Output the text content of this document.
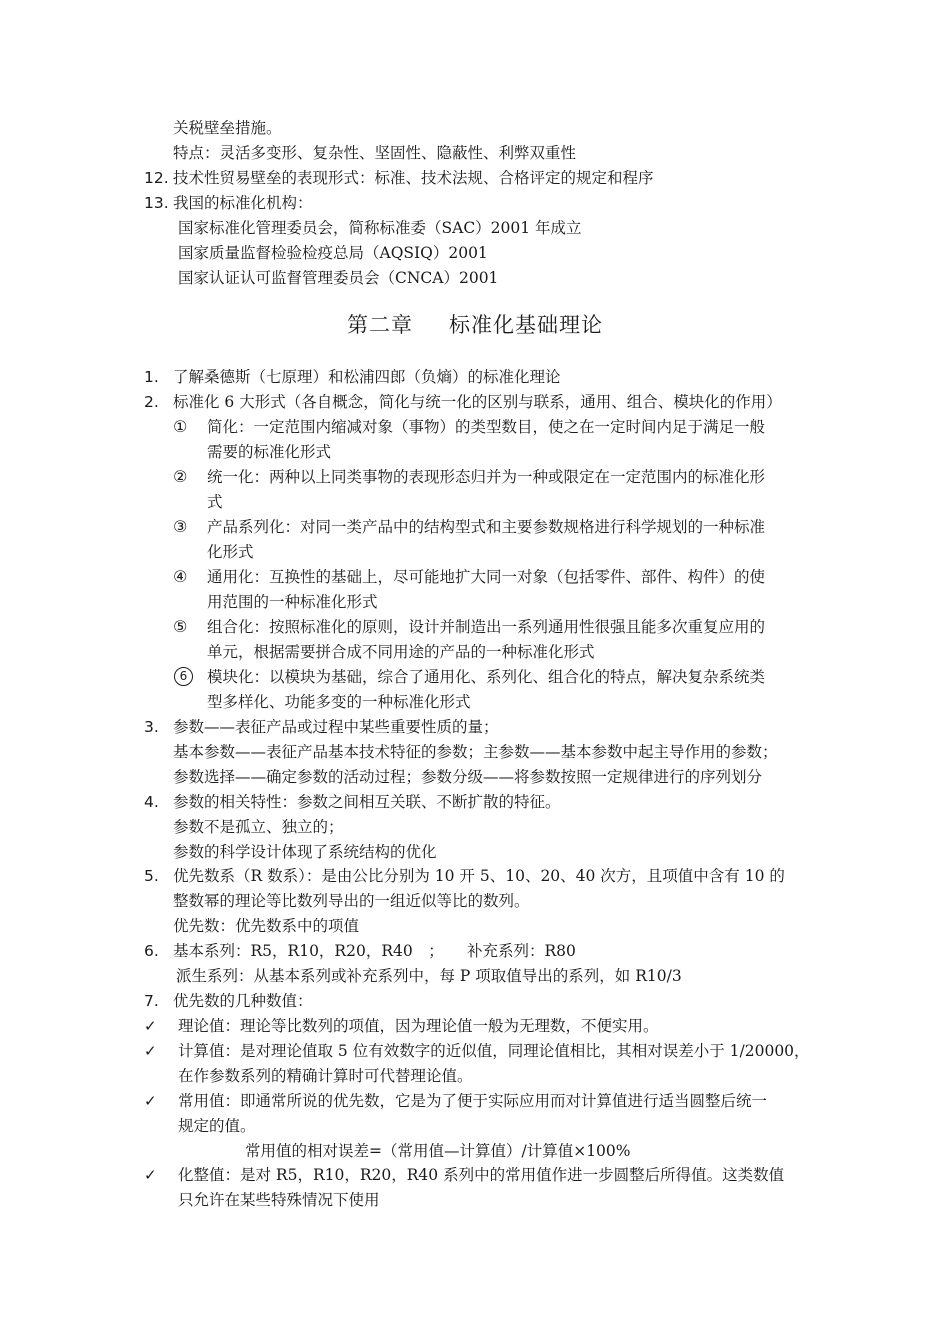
关税壁垒措施。
特点：灵活多变形、复杂性、坚固性、隐蔽性、利弊双重性
12. 技术性贸易壁垒的表现形式：标准、技术法规、合格评定的规定和程序
13. 我国的标准化机构：
国家标准化管理委员会，简称标准委（SAC）2001 年成立
国家质量监督检验检疫总局（AQSIQ）2001
国家认证认可监督管理委员会（CNCA）2001
第二章 标准化基础理论
1. 了解桑德斯（七原理）和松浦四郎（负熵）的标准化理论
2. 标准化 6 大形式（各自概念，简化与统一化的区别与联系，通用、组合、模块化的作用）
① 简化：一定范围内缩减对象（事物）的类型数目，使之在一定时间内足于满足一般
需要的标准化形式
② 统一化：两种以上同类事物的表现形态归并为一种或限定在一定范围内的标准化形
式
③ 产品系列化：对同一类产品中的结构型式和主要参数规格进行科学规划的一种标准
化形式
④ 通用化：互换性的基础上，尽可能地扩大同一对象（包括零件、部件、构件）的使
用范围的一种标准化形式
⑤ 组合化：按照标准化的原则，设计并制造出一系列通用性很强且能多次重复应用的
单元，根据需要拼合成不同用途的产品的一种标准化形式
6	模块化：以模块为基础，综合了通用化、系列化、组合化的特点，解决复杂系统类
型多样化、功能多变的一种标准化形式
3. 参数——表征产品或过程中某些重要性质的量；
基本参数——表征产品基本技术特征的参数；主参数——基本参数中起主导作用的参数；
参数选择——确定参数的活动过程；参数分级——将参数按照一定规律进行的序列划分
4. 参数的相关特性：参数之间相互关联、不断扩散的特征。
参数不是孤立、独立的；
参数的科学设计体现了系统结构的优化
5. 优先数系（R 数系）：是由公比分别为 10 开 5、10、20、40 次方，且项值中含有 10 的
整数幂的理论等比数列导出的一组近似等比的数列。
优先数：优先数系中的项值
6. 基本系列：R5，R10，R20，R40　；　　补充系列：R80
派生系列：从基本系列或补充系列中，每 P 项取值导出的系列，如 R10/3
7. 优先数的几种数值：
✓ 理论值：理论等比数列的项值，因为理论值一般为无理数，不便实用。
✓ 计算值：是对理论值取 5 位有效数字的近似值，同理论值相比，其相对误差小于 1/20000，
在作参数系列的精确计算时可代替理论值。
✓ 常用值：即通常所说的优先数，它是为了便于实际应用而对计算值进行适当圆整后统一
规定的值。
常用值的相对误差=（常用值—计算值）/计算值×100%
✓ 化整值：是对 R5，R10，R20，R40 系列中的常用值作进一步圆整后所得值。这类数值
只允许在某些特殊情况下使用
